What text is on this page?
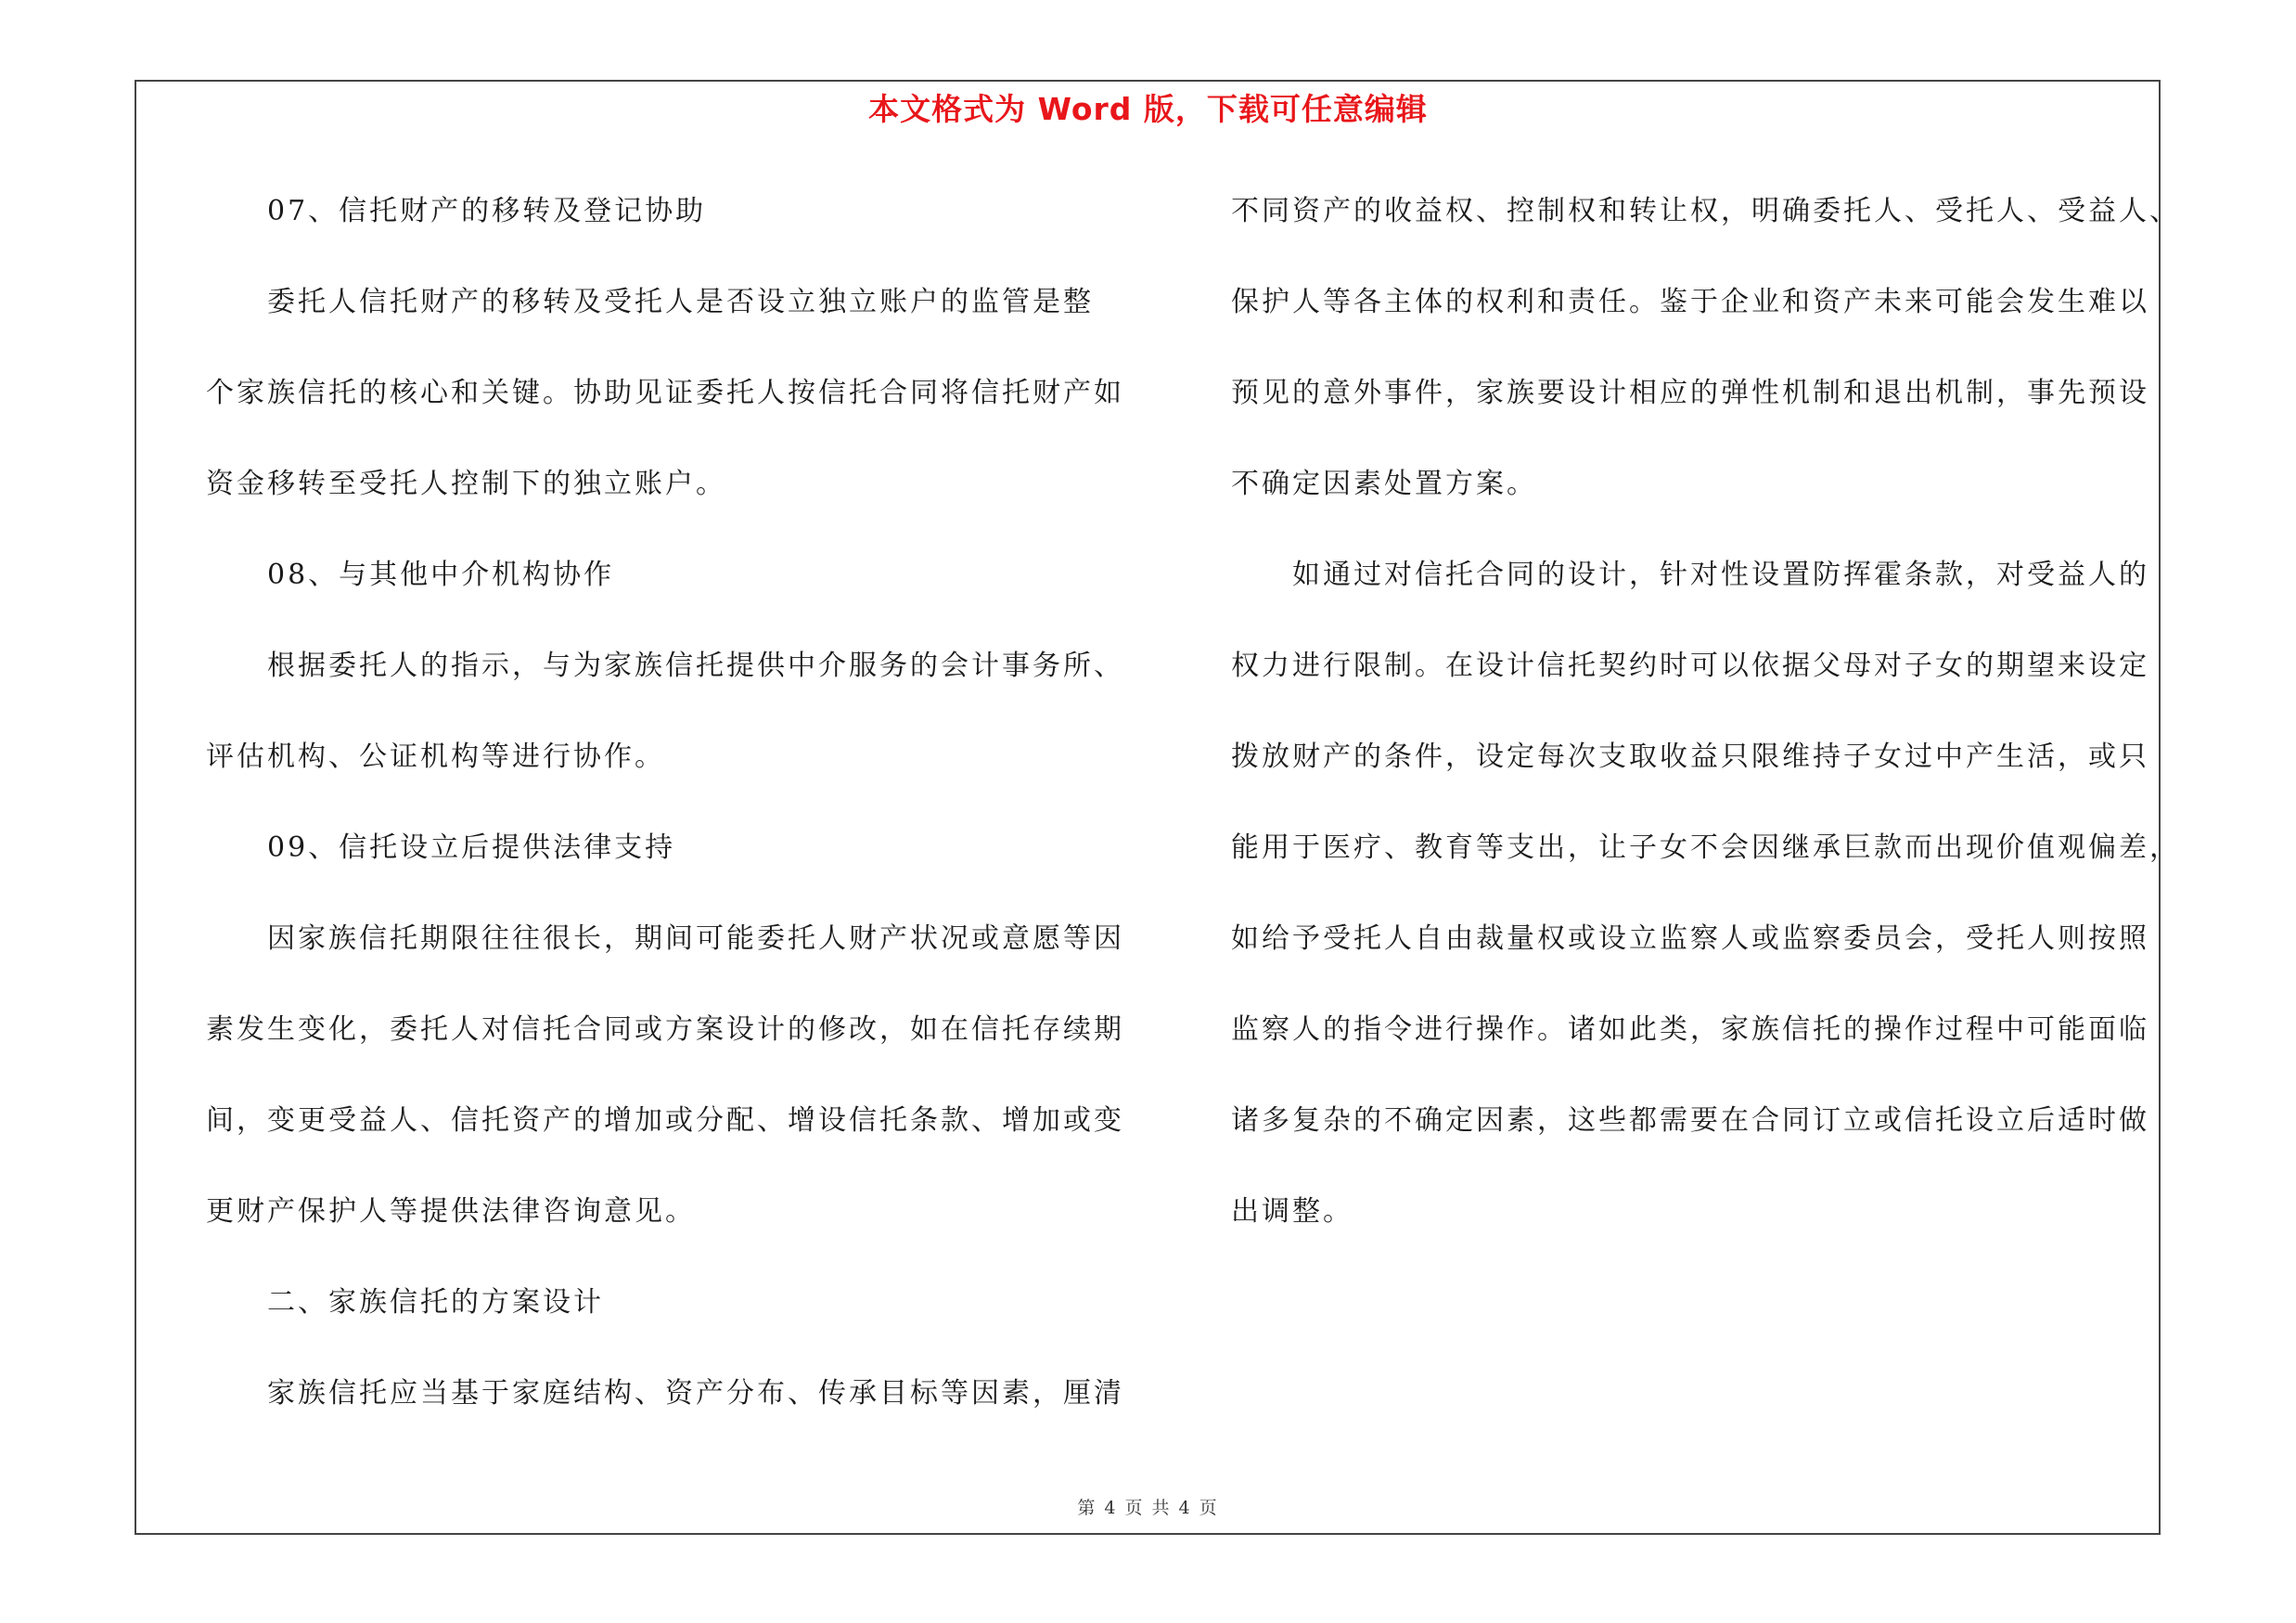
本文格式为 Word 版，下载可任意编辑
07、信托财产的移转及登记协助
委托人信托财产的移转及受托人是否设立独立账户的监管是整
个家族信托的核心和关键。协助见证委托人按信托合同将信托财产如
资金移转至受托人控制下的独立账户。
08、与其他中介机构协作
根据委托人的指示，与为家族信托提供中介服务的会计事务所、
评估机构、公证机构等进行协作。
09、信托设立后提供法律支持
因家族信托期限往往很长，期间可能委托人财产状况或意愿等因
素发生变化，委托人对信托合同或方案设计的修改，如在信托存续期
间，变更受益人、信托资产的增加或分配、增设信托条款、增加或变
更财产保护人等提供法律咨询意见。
二、家族信托的方案设计
家族信托应当基于家庭结构、资产分布、传承目标等因素，厘清
不同资产的收益权、控制权和转让权，明确委托人、受托人、受益人、
保护人等各主体的权利和责任。鉴于企业和资产未来可能会发生难以
预见的意外事件，家族要设计相应的弹性机制和退出机制，事先预设
不确定因素处置方案。
如通过对信托合同的设计，针对性设置防挥霍条款，对受益人的
权力进行限制。在设计信托契约时可以依据父母对子女的期望来设定
拨放财产的条件，设定每次支取收益只限维持子女过中产生活，或只
能用于医疗、教育等支出，让子女不会因继承巨款而出现价值观偏差，
如给予受托人自由裁量权或设立监察人或监察委员会，受托人则按照
监察人的指令进行操作。诸如此类，家族信托的操作过程中可能面临
诸多复杂的不确定因素，这些都需要在合同订立或信托设立后适时做
出调整。
第 4 页 共 4 页
